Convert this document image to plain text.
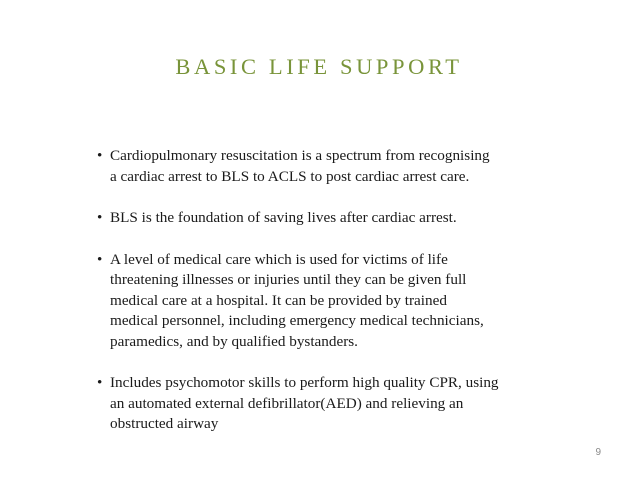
BASIC LIFE SUPPORT
• Cardiopulmonary resuscitation is a spectrum from recognising
a cardiac arrest to BLS to ACLS to post cardiac arrest care.
• BLS is the foundation of saving lives after cardiac arrest.
• A level of medical care which is used for victims of life
threatening illnesses or injuries until they can be given full
medical care at a hospital. It can be provided by trained
medical personnel, including emergency medical technicians,
paramedics, and by qualified bystanders.
• Includes psychomotor skills to perform high quality CPR, using
an automated external defibrillator(AED) and relieving an
obstructed airway
9
